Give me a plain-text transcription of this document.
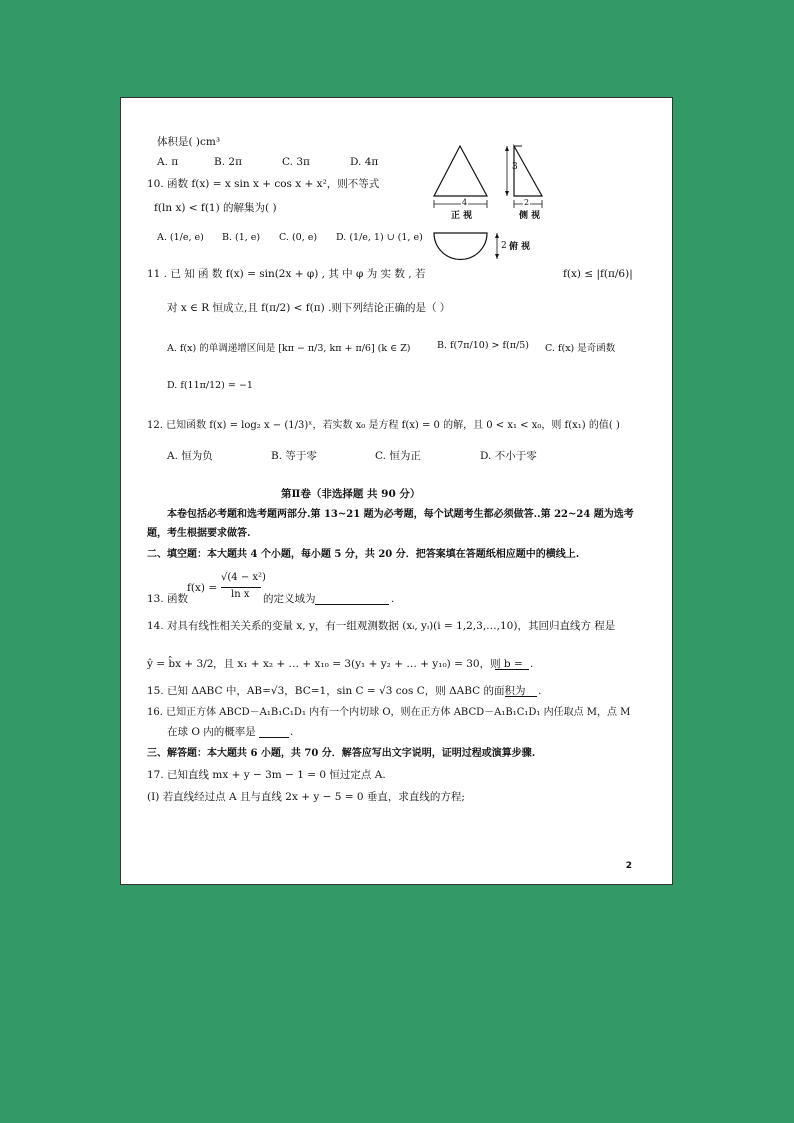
体积是( )cm³
A. π	B. 2π	C. 3π	D. 4π	3
4	2
正 视	侧 视
2 俯 视
10. 函数 f(x) = x sin x + cos x + x²，则不等式
f(ln x) < f(1) 的解集为( )
A. (1/e, e) B. (1, e) C. (0, e) D. (1/e, 1) ∪ (1, e)
11 . 已 知 函 数 f(x) = sin(2x + φ) , 其 中 φ 为 实 数 , 若	f(x) ≤ |f(π/6)|
对 x ∈ R 恒成立,且 f(π/2) < f(π) .则下列结论正确的是（ ）
A. f(x) 的单调递增区间是 [kπ − π/3, kπ + π/6] (k ∈ Z)	B. f(7π/10) > f(π/5) C. f(x) 是奇函数
D. f(11π/12) = −1
12. 已知函数 f(x) = log₂ x − (1/3)ˣ，若实数 x₀ 是方程 f(x) = 0 的解，且 0 < x₁ < x₀，则 f(x₁) 的值( )
A. 恒为负	B. 等于零	C. 恒为正	D. 不小于零
第Ⅱ卷（非选择题 共 90 分）
本卷包括必考题和选考题两部分.第 13~21 题为必考题，每个试题考生都必须做答..第 22~24 题为选考
题，考生根据要求做答.
二、填空题：本大题共 4 个小题，每小题 5 分，共 20 分．把答案填在答题纸相应题中的横线上.
13. 函数
f(x) =
√(4 − x²)
ln x 的定义域为	.
14. 对具有线性相关关系的变量 x, y，有一组观测数据 (xᵢ, yᵢ)(i = 1,2,3,…,10)，其回归直线方 程是
ŷ = b̂x + 3/2 ，且 x₁ + x₂ + … + x₁₀ = 3(y₁ + y₂ + … + y₁₀) = 30，则 b = .
15. 已知 ΔABC 中，AB=√3，BC=1，sin C = √3 cos C，则 ΔABC 的面积为 .
16. 已知正方体 ABCD－A₁B₁C₁D₁ 内有一个内切球 O，则在正方体 ABCD－A₁B₁C₁D₁ 内任取点 M，点 M
在球 O 内的概率是	.
三、解答题：本大题共 6 小题，共 70 分．解答应写出文字说明，证明过程或演算步骤.
17. 已知直线 mx + y − 3m − 1 = 0 恒过定点 A.
(Ⅰ) 若直线经过点 A 且与直线 2x + y − 5 = 0 垂直，求直线的方程;
2
